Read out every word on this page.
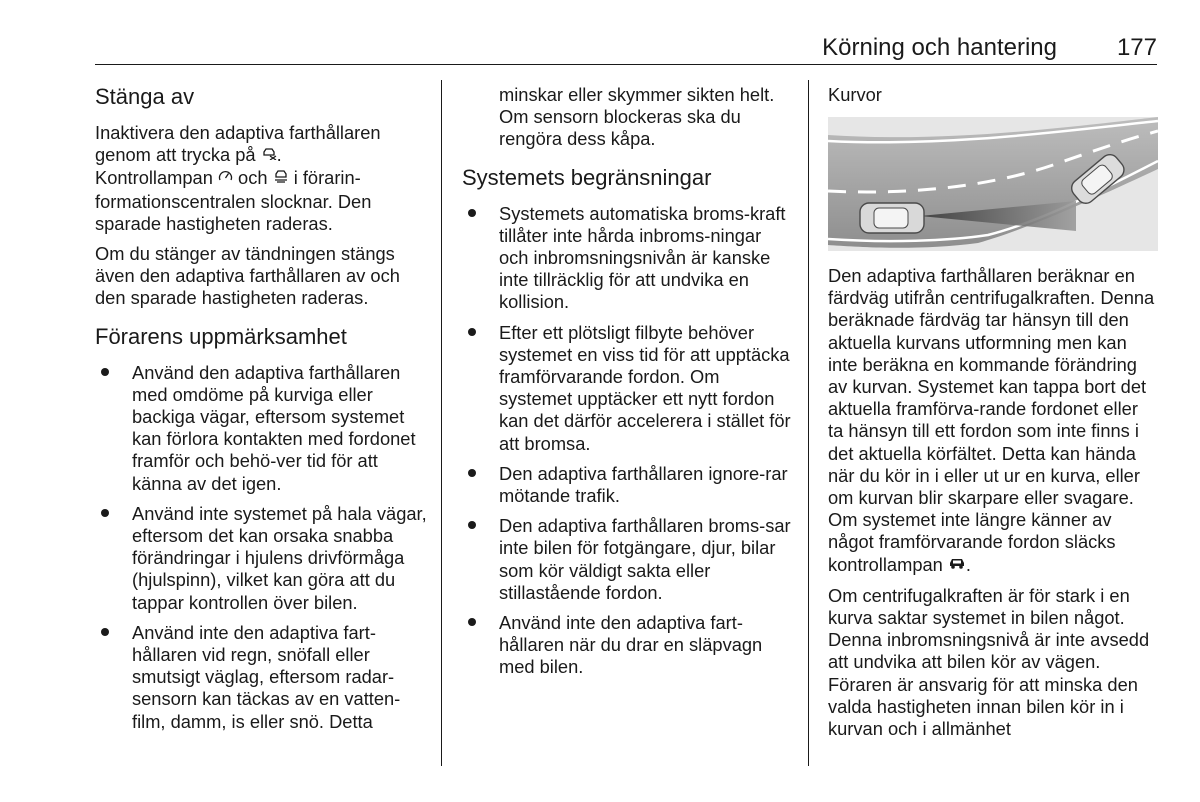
Körning och hantering 177
Stänga av

Inaktivera den adaptiva farthållaren genom att trycka på .
Kontrollampan  och  i förarin-formationscentralen slocknar. Den sparade hastigheten raderas.

Om du stänger av tändningen stängs även den adaptiva farthållaren av och den sparade hastigheten raderas.

Förarens uppmärksamhet
Använd den adaptiva farthållaren med omdöme på kurviga eller backiga vägar, eftersom systemet kan förlora kontakten med fordonet framför och behö-ver tid för att känna av det igen.
Använd inte systemet på hala vägar, eftersom det kan orsaka snabba förändringar i hjulens drivförmåga (hjulspinn), vilket kan göra att du tappar kontrollen över bilen.
Använd inte den adaptiva fart-hållaren vid regn, snöfall eller smutsigt väglag, eftersom radar-sensorn kan täckas av en vatten-film, damm, is eller snö. Detta

minskar eller skymmer sikten helt. Om sensorn blockeras ska du rengöra dess kåpa.

Systemets begränsningar
Systemets automatiska broms-kraft tillåter inte hårda inbroms-ningar och inbromsningsnivån är kanske inte tillräcklig för att undvika en kollision.
Efter ett plötsligt filbyte behöver systemet en viss tid för att upptäcka framförvarande fordon. Om systemet upptäcker ett nytt fordon kan det därför accelerera i stället för att bromsa.
Den adaptiva farthållaren ignore-rar mötande trafik.
Den adaptiva farthållaren broms-sar inte bilen för fotgängare, djur, bilar som kör väldigt sakta eller stillastående fordon.
Använd inte den adaptiva fart-hållaren när du drar en släpvagn med bilen.
Kurvor

Den adaptiva farthållaren beräknar en färdväg utifrån centrifugalkraften. Denna beräknade färdväg tar hänsyn till den aktuella kurvans utformning men kan inte beräkna en kommande förändring av kurvan. Systemet kan tappa bort det aktuella framförva-rande fordonet eller ta hänsyn till ett fordon som inte finns i det aktuella körfältet. Detta kan hända när du kör in i eller ut ur en kurva, eller om kurvan blir skarpare eller svagare. Om systemet inte längre känner av något framförvarande fordon släcks kontrollampan .

Om centrifugalkraften är för stark i en kurva saktar systemet in bilen något. Denna inbromsningsnivå är inte avsedd att undvika att bilen kör av vägen. Föraren är ansvarig för att minska den valda hastigheten innan bilen kör in i kurvan och i allmänhet
